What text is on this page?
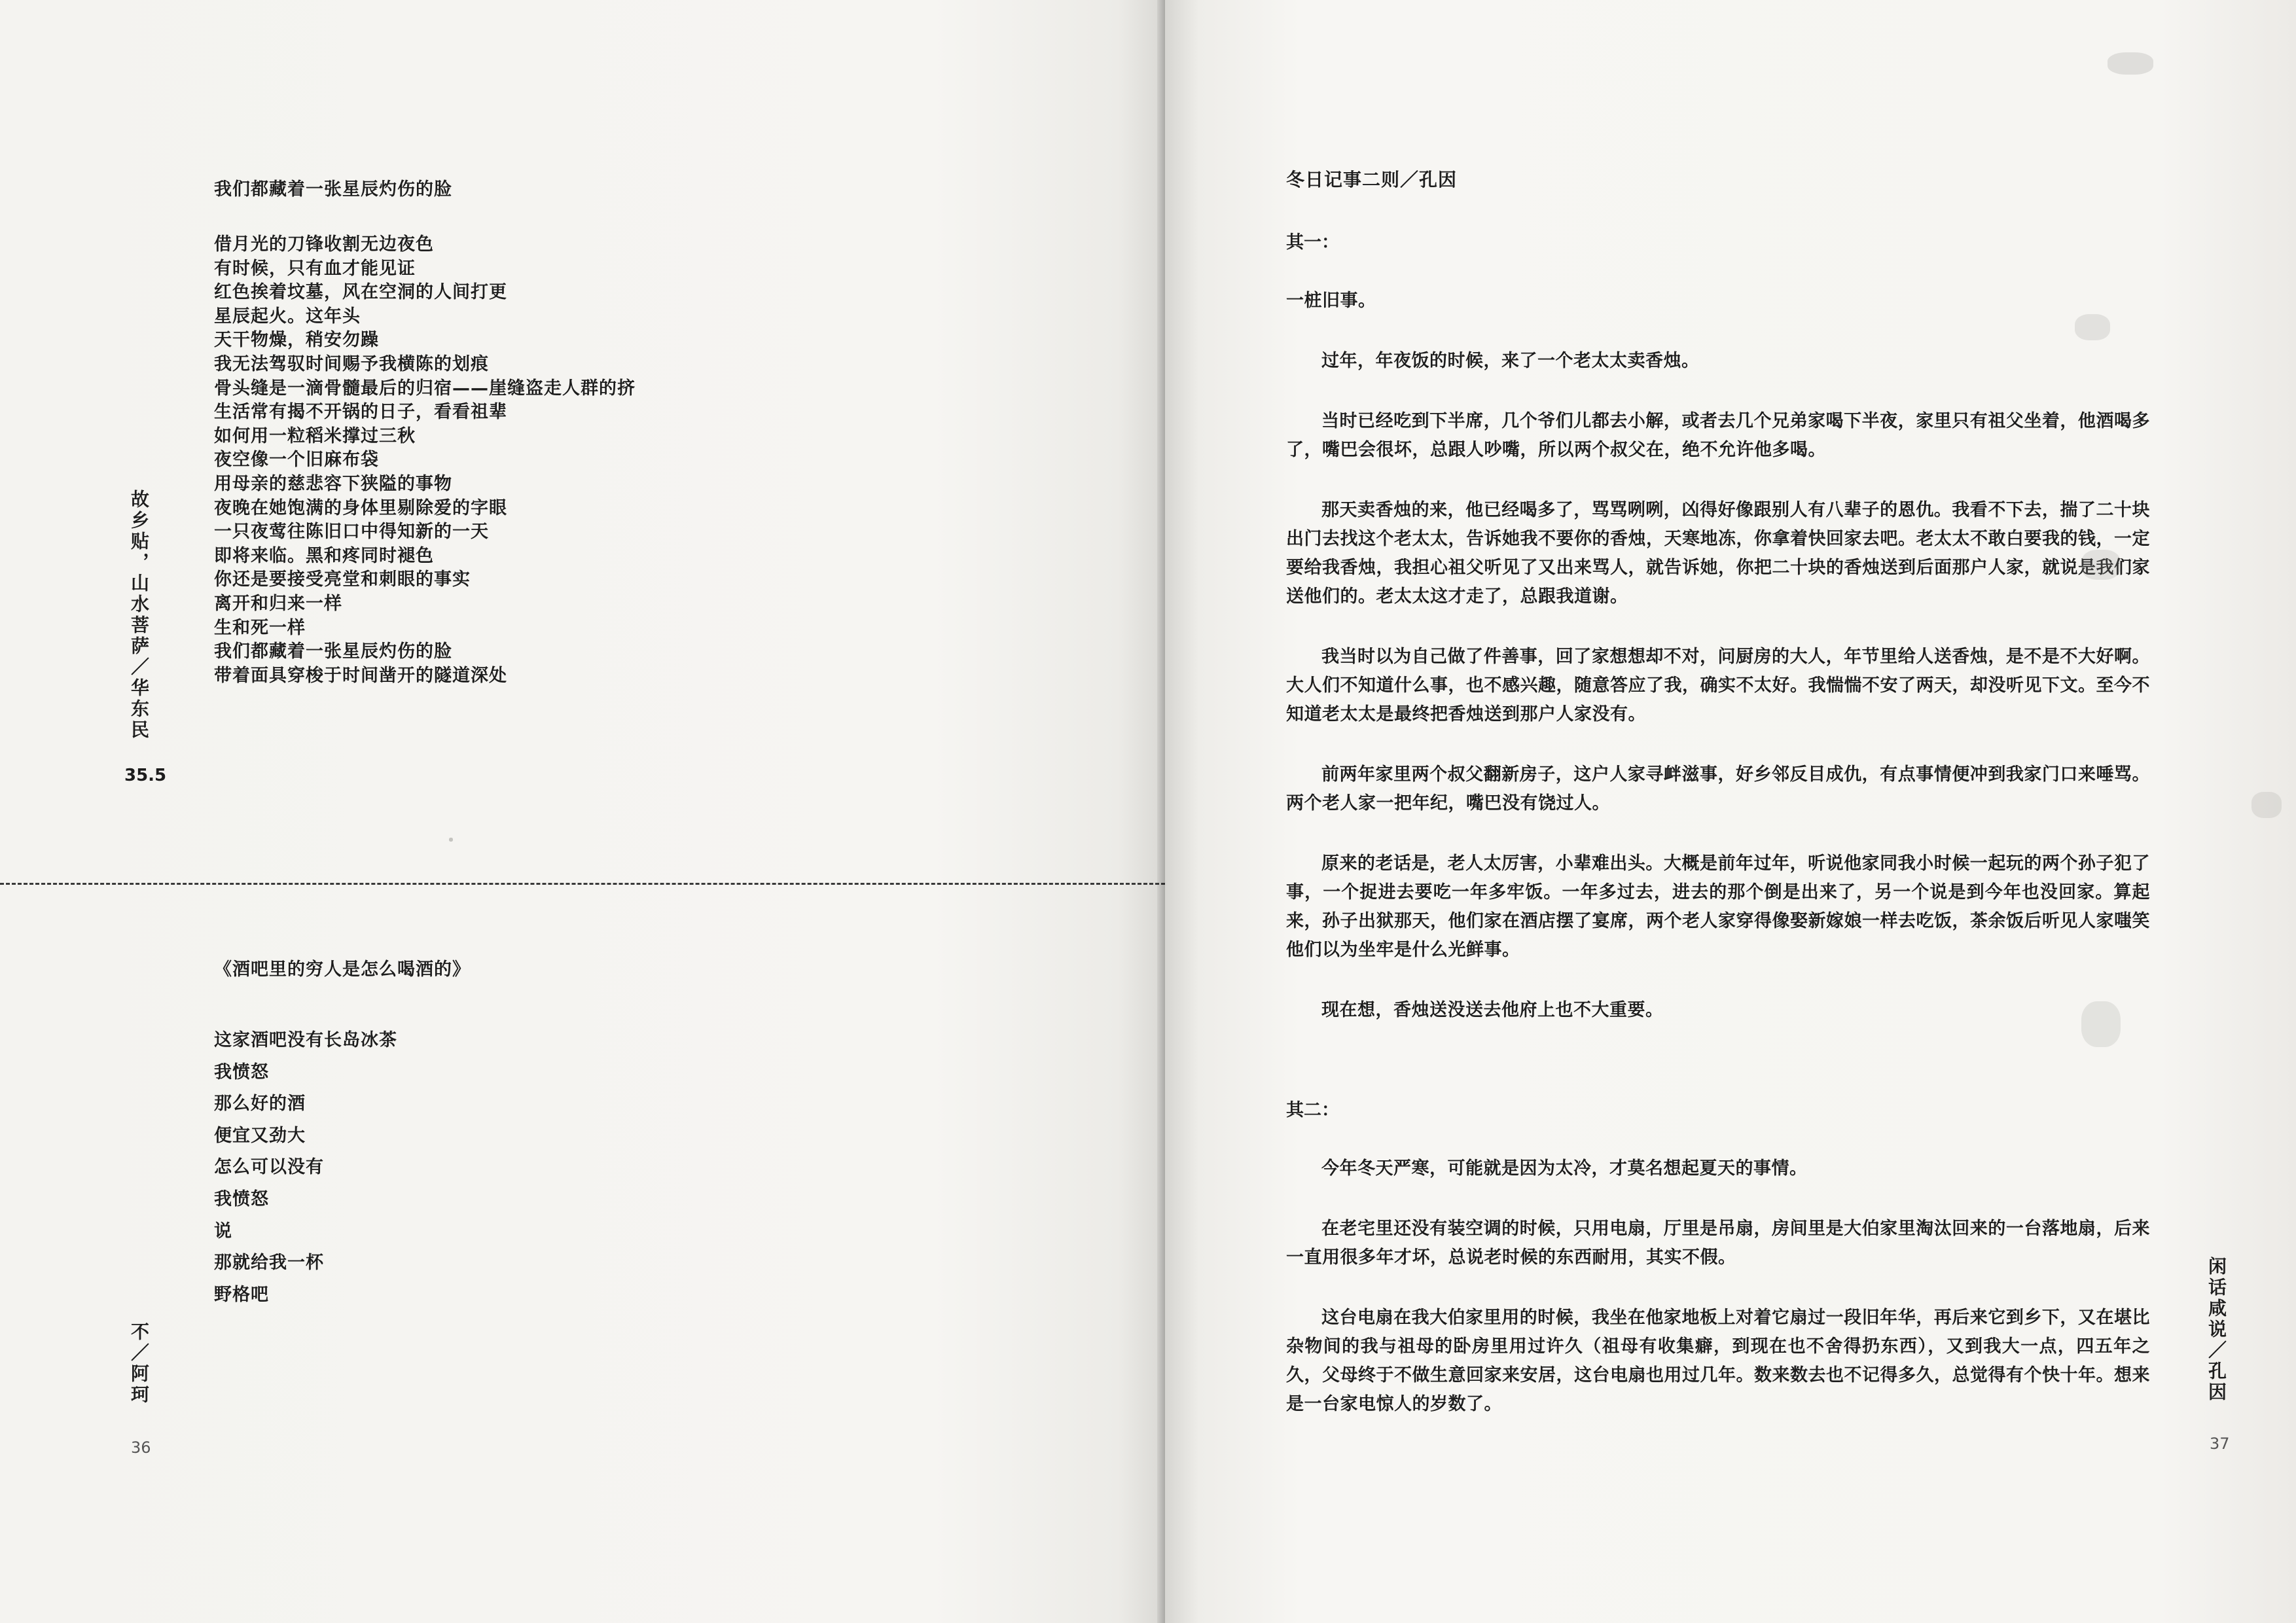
我们都藏着一张星辰灼伤的脸
借月光的刀锋收割无边夜色
有时候，只有血才能见证
红色挨着坟墓，风在空洞的人间打更
星辰起火。这年头
天干物燥，稍安勿躁
我无法驾驭时间赐予我横陈的划痕
骨头缝是一滴骨髓最后的归宿——崖缝盗走人群的挤
生活常有揭不开锅的日子，看看祖辈
如何用一粒稻米撑过三秋
夜空像一个旧麻布袋
用母亲的慈悲容下狭隘的事物
夜晚在她饱满的身体里剔除爱的字眼
一只夜莺往陈旧口中得知新的一天
即将来临。黑和疼同时褪色
你还是要接受亮堂和刺眼的事实
离开和归来一样
生和死一样
我们都藏着一张星辰灼伤的脸
带着面具穿梭于时间凿开的隧道深处
故乡贴，山水菩萨／华东民
35.5
《酒吧里的穷人是怎么喝酒的》
这家酒吧没有长岛冰茶
我愤怒
那么好的酒
便宜又劲大
怎么可以没有
我愤怒
说
那就给我一杯
野格吧
不／阿珂
36
冬日记事二则／孔因
其一：
一桩旧事。
过年，年夜饭的时候，来了一个老太太卖香烛。
当时已经吃到下半席，几个爷们儿都去小解，或者去几个兄弟家喝下半夜，家里只有祖父坐着，他酒喝多了，嘴巴会很坏，总跟人吵嘴，所以两个叔父在，绝不允许他多喝。
那天卖香烛的来，他已经喝多了，骂骂咧咧，凶得好像跟别人有八辈子的恩仇。我看不下去，揣了二十块出门去找这个老太太，告诉她我不要你的香烛，天寒地冻，你拿着快回家去吧。老太太不敢白要我的钱，一定要给我香烛，我担心祖父听见了又出来骂人，就告诉她，你把二十块的香烛送到后面那户人家，就说是我们家送他们的。老太太这才走了，总跟我道谢。
我当时以为自己做了件善事，回了家想想却不对，问厨房的大人，年节里给人送香烛，是不是不大好啊。大人们不知道什么事，也不感兴趣，随意答应了我，确实不太好。我惴惴不安了两天，却没听见下文。至今不知道老太太是最终把香烛送到那户人家没有。
前两年家里两个叔父翻新房子，这户人家寻衅滋事，好乡邻反目成仇，有点事情便冲到我家门口来唾骂。两个老人家一把年纪，嘴巴没有饶过人。
原来的老话是，老人太厉害，小辈难出头。大概是前年过年，听说他家同我小时候一起玩的两个孙子犯了事，一个捉进去要吃一年多牢饭。一年多过去，进去的那个倒是出来了，另一个说是到今年也没回家。算起来，孙子出狱那天，他们家在酒店摆了宴席，两个老人家穿得像娶新嫁娘一样去吃饭，茶余饭后听见人家嗤笑他们以为坐牢是什么光鲜事。
现在想，香烛送没送去他府上也不大重要。
其二：
今年冬天严寒，可能就是因为太冷，才莫名想起夏天的事情。
在老宅里还没有装空调的时候，只用电扇，厅里是吊扇，房间里是大伯家里淘汰回来的一台落地扇，后来一直用很多年才坏，总说老时候的东西耐用，其实不假。
这台电扇在我大伯家里用的时候，我坐在他家地板上对着它扇过一段旧年华，再后来它到乡下，又在堪比杂物间的我与祖母的卧房里用过许久（祖母有收集癖，到现在也不舍得扔东西），又到我大一点，四五年之久，父母终于不做生意回家来安居，这台电扇也用过几年。数来数去也不记得多久，总觉得有个快十年。想来是一台家电惊人的岁数了。
闲话咸说／孔因
37
